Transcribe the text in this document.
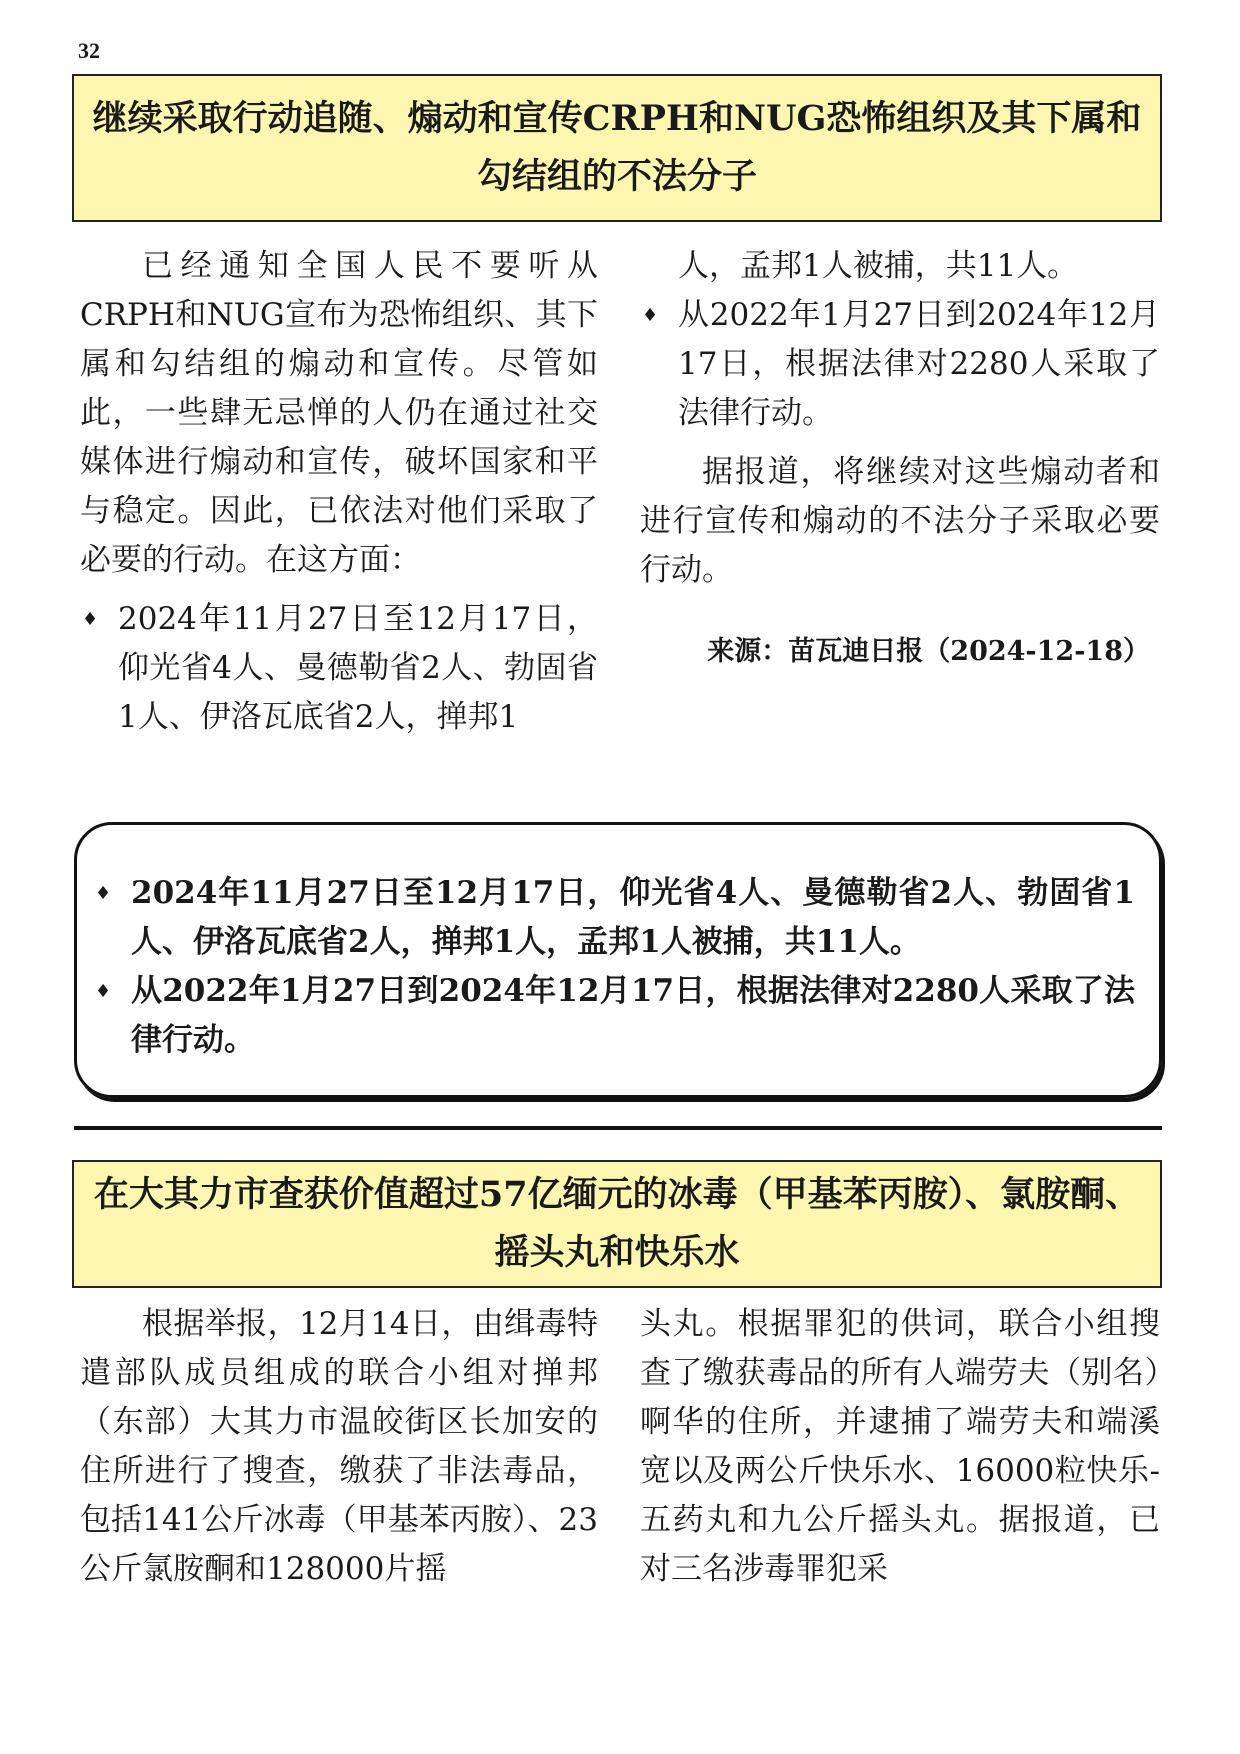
32
继续采取行动追随、煽动和宣传CRPH和NUG恐怖组织及其下属和勾结组的不法分子

已经通知全国人民不要听从CRPH和NUG宣布为恐怖组织、其下属和勾结组的煽动和宣传。尽管如此，一些肆无忌惮的人仍在通过社交媒体进行煽动和宣传，破坏国家和平与稳定。因此，已依法对他们采取了必要的行动。在这方面：

♦ 2024年11月27日至12月17日，仰光省4人、曼德勒省2人、勃固省1人、伊洛瓦底省2人，掸邦1
人，孟邦1人被捕，共11人。
♦ 从2022年1月27日到2024年12月17日，根据法律对2280人采取了法律行动。

据报道，将继续对这些煽动者和进行宣传和煽动的不法分子采取必要行动。

来源：苗瓦迪日报（2024-12-18）
♦ 2024年11月27日至12月17日，仰光省4人、曼德勒省2人、勃固省1人、伊洛瓦底省2人，掸邦1人，孟邦1人被捕，共11人。
♦ 从2022年1月27日到2024年12月17日，根据法律对2280人采取了法律行动。
在大其力市查获价值超过57亿缅元的冰毒（甲基苯丙胺）、氯胺酮、摇头丸和快乐水

根据举报，12月14日，由缉毒特遣部队成员组成的联合小组对掸邦（东部）大其力市温皎街区长加安的住所进行了搜查，缴获了非法毒品，包括141公斤冰毒（甲基苯丙胺）、23公斤氯胺酮和128000片摇

头丸。根据罪犯的供词，联合小组搜查了缴获毒品的所有人端劳夫（别名）啊华的住所，并逮捕了端劳夫和端溪宽以及两公斤快乐水、16000粒快乐-五药丸和九公斤摇头丸。据报道，已对三名涉毒罪犯采
